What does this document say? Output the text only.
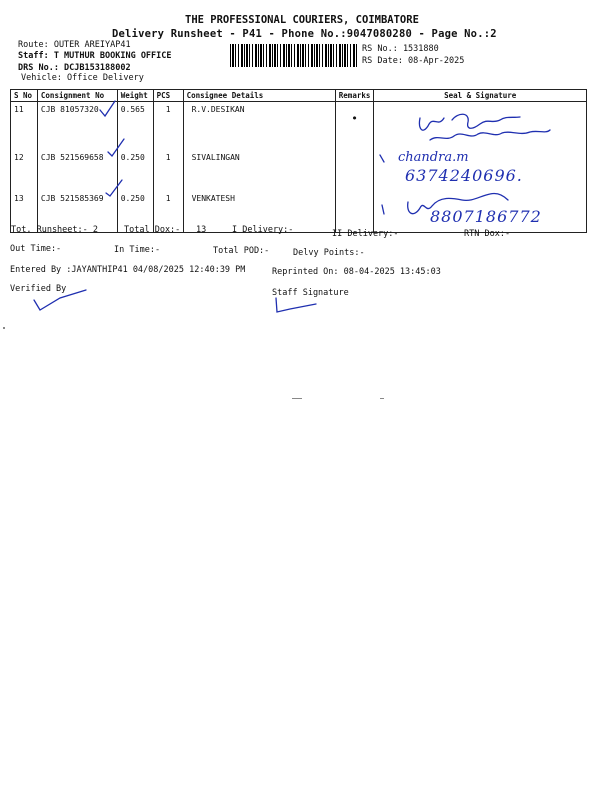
THE PROFESSIONAL COURIERS, COIMBATORE
Delivery Runsheet - P41 - Phone No.:9047080280 - Page No.:2
Route: OUTER AREIYAP41
Staff: T MUTHUR BOOKING OFFICE
DRS No.: DCJB153188002
Vehicle: Office Delivery
RS No.: 1531880
RS Date: 08-Apr-2025
S No	Consignment No	Weight	PCS	Consignee Details	Remarks	Seal & Signature
11	CJB 81057320	0.565	1	R.V.DESIKAN	•	
12	CJB 521569658	0.250	1	SIVALINGAN		
13	CJB 521585369	0.250	1	VENKATESH		
chandra.m
6374240696.
8807186772
Tot. Runsheet:- 2	Total Dox:- 13	I Delivery:-	II Delivery:-	RTN Dox:-
Out Time:-	In Time:-	Total POD:-	Delvy Points:-
Entered By :JAYANTHIP41 04/08/2025 12:40:39 PM	Reprinted On: 08-04-2025 13:45:03
Verified By	Staff Signature
